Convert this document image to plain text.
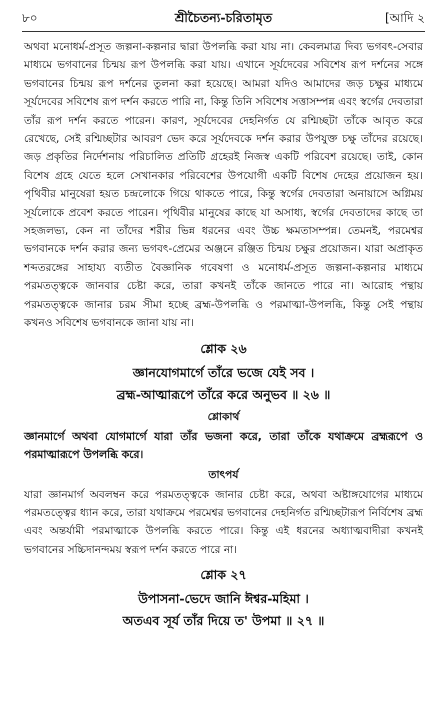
৮০	শ্রীচৈতন্য-চরিতামৃত	[আদি ২

অথবা মনোধর্ম-প্রসূত জল্পনা-কল্পনার দ্বারা উপলব্ধি করা যায় না। কেবলমাত্র দিব্য ভগবৎ-সেবার মাধ্যমে ভগবানের চিন্ময় রূপ উপলব্ধি করা যায়। এখানে সূর্যদেবের সবিশেষ রূপ দর্শনের সঙ্গে ভগবানের চিন্ময় রূপ দর্শনের তুলনা করা হয়েছে। আমরা যদিও আমাদের জড় চক্ষুর মাধ্যমে সূর্যদেবের সবিশেষ রূপ দর্শন করতে পারি না, কিন্তু তিনি সবিশেষ সত্তাসম্পন্ন এবং স্বর্গের দেবতারা তাঁর রূপ দর্শন করতে পারেন। কারণ, সূর্যদেবের দেহনির্গত যে রশ্মিচ্ছটা তাঁকে আবৃত করে রেখেছে, সেই রশ্মিচ্ছটার আবরণ ভেদ করে সূর্যদেবকে দর্শন করার উপযুক্ত চক্ষু তাঁদের রয়েছে। জড় প্রকৃতির নির্দেশনায় পরিচালিত প্রতিটি গ্রহেরই নিজস্ব একটি পরিবেশ রয়েছে। তাই, কোন বিশেষ গ্রহে যেতে হলে সেখানকার পরিবেশের উপযোগী একটি বিশেষ দেহের প্রয়োজন হয়। পৃথিবীর মানুষেরা হয়ত চন্দ্রলোকে গিয়ে থাকতে পারে, কিন্তু স্বর্গের দেবতারা অনায়াসে অগ্নিময় সূর্যলোকে প্রবেশ করতে পারেন। পৃথিবীর মানুষের কাছে যা অসাধ্য, স্বর্গের দেবতাদের কাছে তা সহজলভ্য, কেন না তাঁদের শরীর ভিন্ন ধরনের এবং উচ্চ ক্ষমতাসম্পন্ন। তেমনই, পরমেশ্বর ভগবানকে দর্শন করার জন্য ভগবৎ-প্রেমের অঞ্জনে রঞ্জিত চিন্ময় চক্ষুর প্রয়োজন। যারা অপ্রাকৃত শব্দতরঙ্গের সাহায্য ব্যতীত বৈজ্ঞানিক গবেষণা ও মনোধর্ম-প্রসূত জল্পনা-কল্পনার মাধ্যমে পরমতত্ত্বকে জানবার চেষ্টা করে, তারা কখনই তাঁকে জানতে পারে না। আরোহ পন্থায় পরমতত্ত্বকে জানার চরম সীমা হচ্ছে ব্রহ্ম-উপলব্ধি ও পরমাত্মা-উপলব্ধি, কিন্তু সেই পন্থায় কখনও সবিশেষ ভগবানকে জানা যায় না।

শ্লোক ২৬

জ্ঞানযোগমার্গে তাঁরে ভজে যেই সব ।

ব্রহ্ম-আত্মারূপে তাঁরে করে অনুভব ॥ ২৬ ॥

শ্লোকার্থ

জ্ঞানমার্গে অথবা যোগমার্গে যারা তাঁর ভজনা করে, তারা তাঁকে যথাক্রমে ব্রহ্মরূপে ও পরমাত্মারূপে উপলব্ধি করে।

তাৎপর্য

যারা জ্ঞানমার্গ অবলম্বন করে পরমতত্ত্বকে জানার চেষ্টা করে, অথবা অষ্টাঙ্গযোগের মাধ্যমে পরমতত্ত্বের ধ্যান করে, তারা যথাক্রমে পরমেশ্বর ভগবানের দেহনির্গত রশ্মিচ্ছটারূপ নির্বিশেষ ব্রহ্ম এবং অন্তর্যামী পরমাত্মাকে উপলব্ধি করতে পারে। কিন্তু এই ধরনের অধ্যাত্মবাদীরা কখনই ভগবানের সচ্চিদানন্দময় স্বরূপ দর্শন করতে পারে না।

শ্লোক ২৭

উপাসনা-ভেদে জানি ঈশ্বর-মহিমা ।

অতএব সূর্য তাঁর দিয়ে ত' উপমা ॥ ২৭ ॥
